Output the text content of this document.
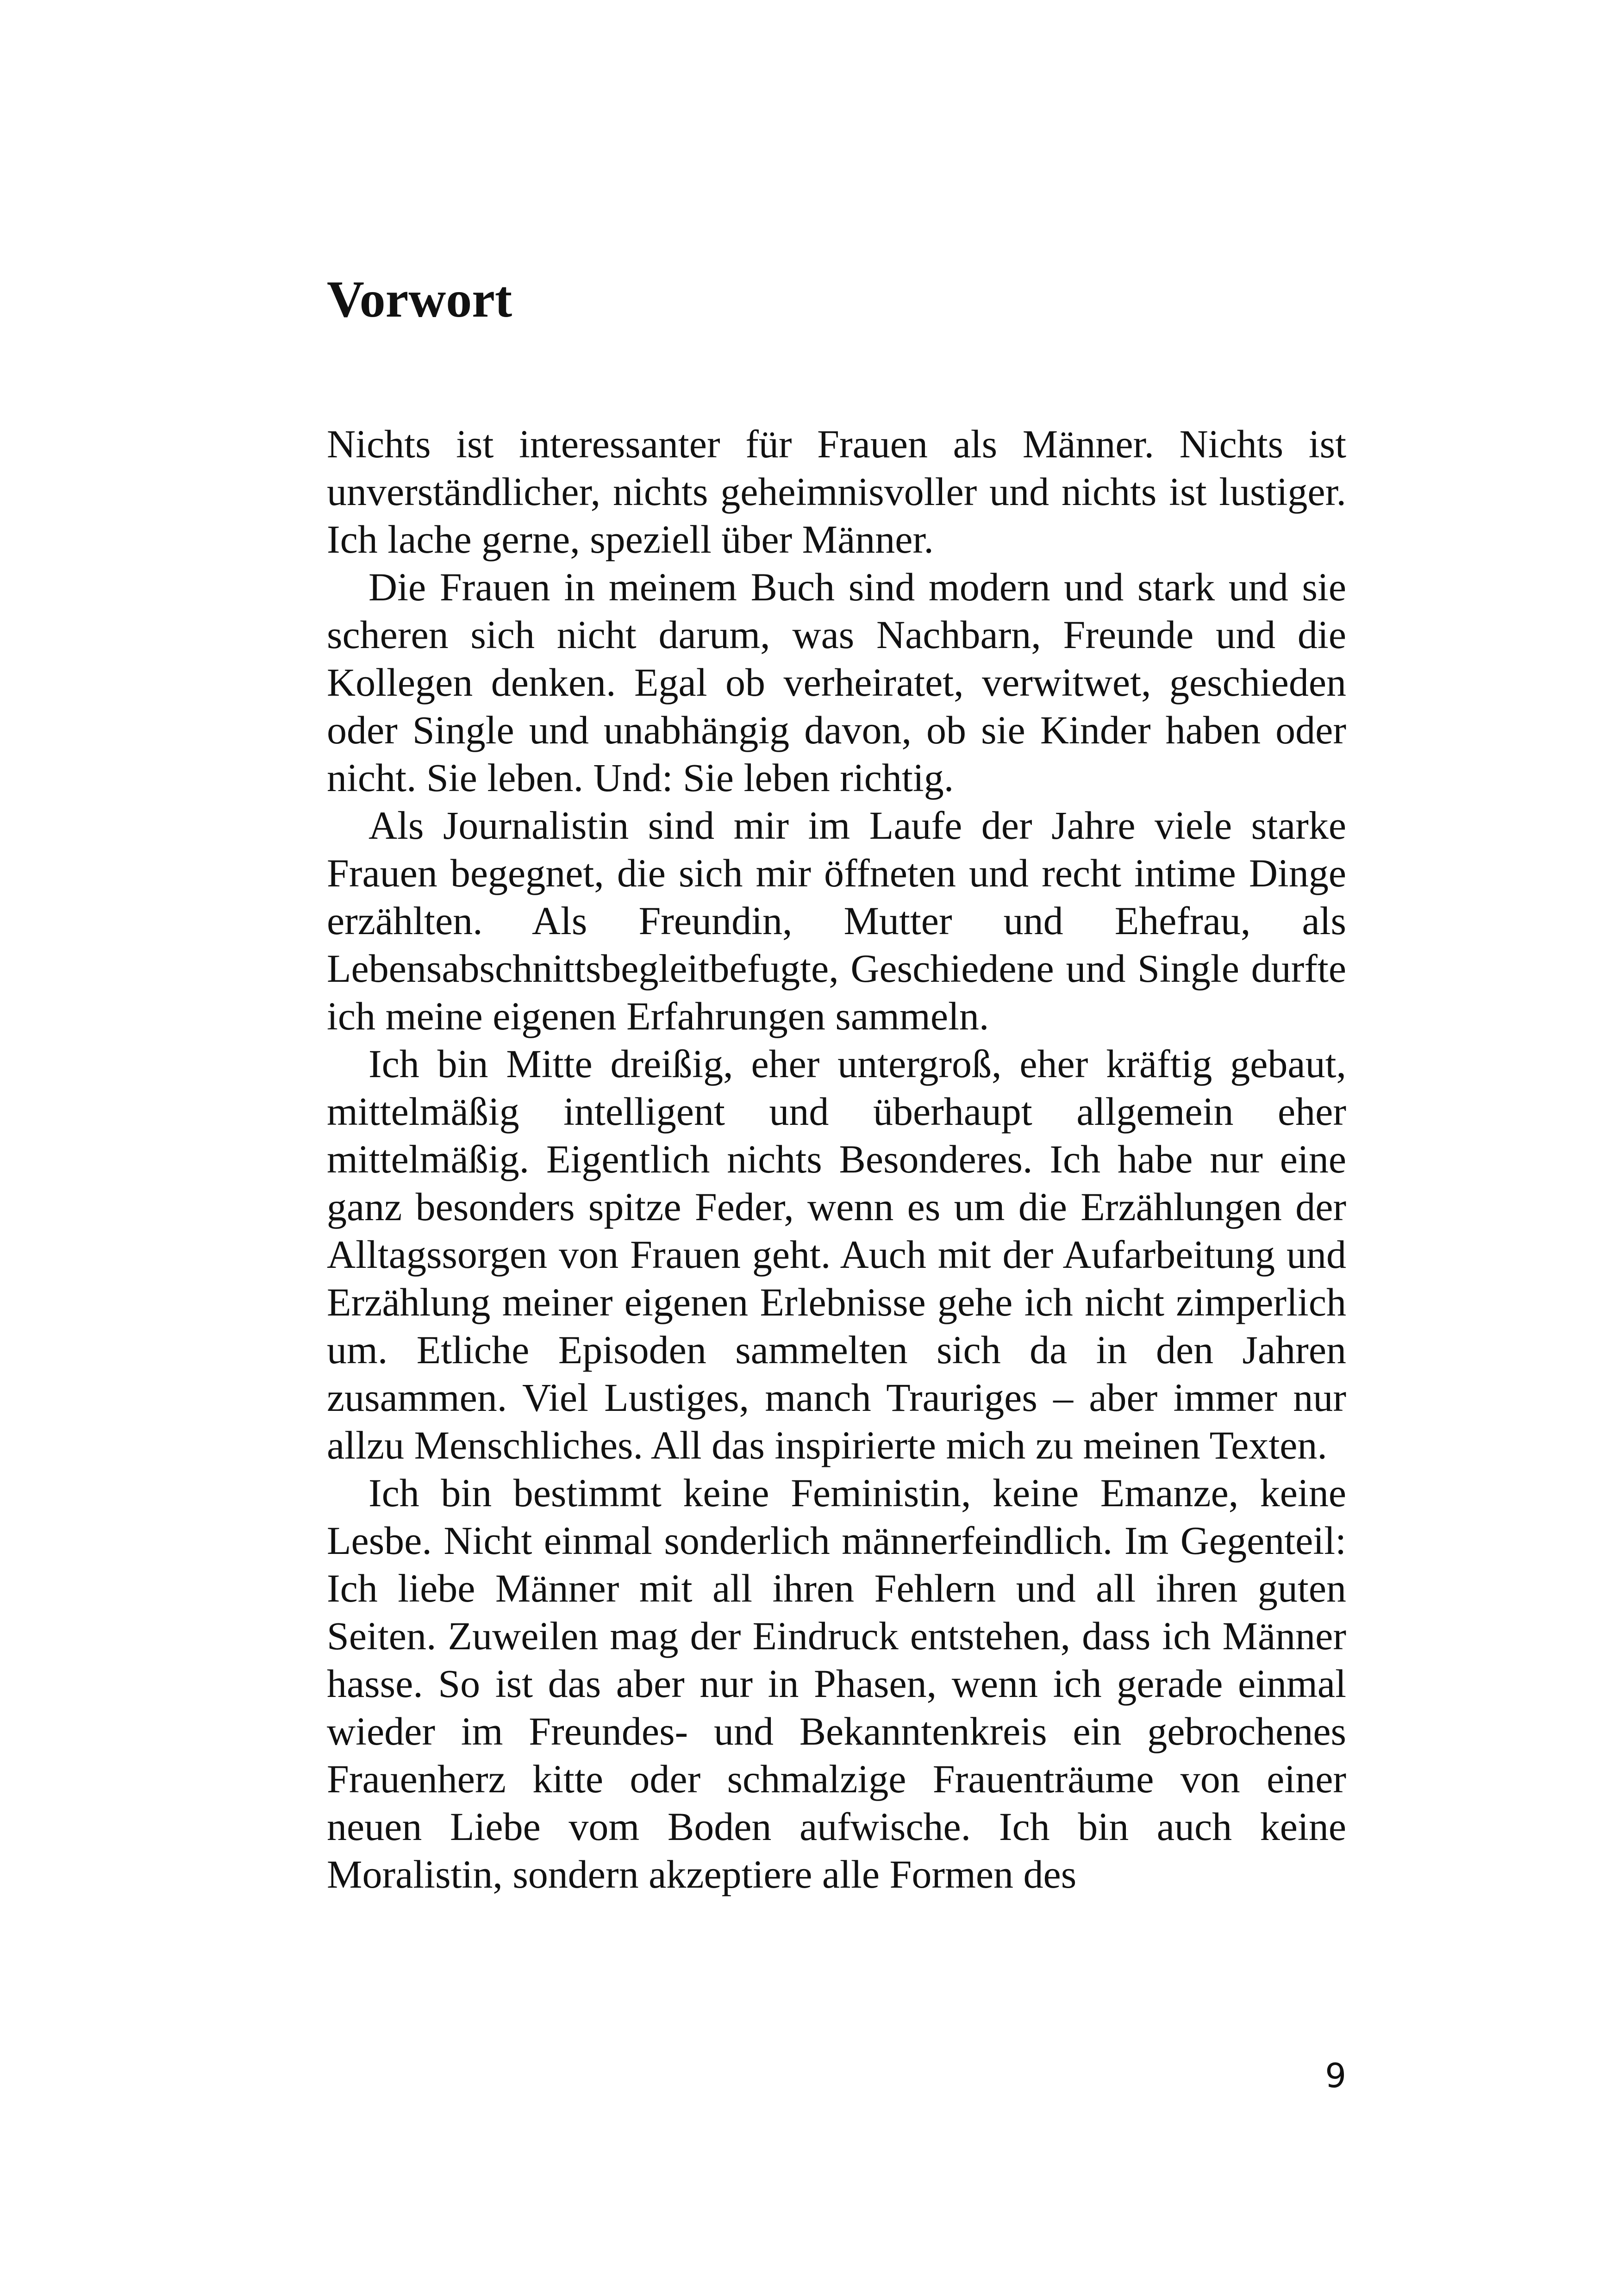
Vorwort

Nichts ist interessanter für Frauen als Männer. Nichts ist unverständlicher, nichts geheimnisvoller und nichts ist lustiger. Ich lache gerne, speziell über Männer.

Die Frauen in meinem Buch sind modern und stark und sie scheren sich nicht darum, was Nachbarn, Freunde und die Kollegen denken. Egal ob verheiratet, verwitwet, geschieden oder Single und unabhängig davon, ob sie Kinder haben oder nicht. Sie leben. Und: Sie leben richtig.

Als Journalistin sind mir im Laufe der Jahre viele starke Frauen begegnet, die sich mir öffneten und recht intime Dinge erzählten. Als Freundin, Mutter und Ehefrau, als Lebensabschnittsbegleitbefugte, Geschiedene und Single durfte ich meine eigenen Erfahrungen sammeln.

Ich bin Mitte dreißig, eher untergroß, eher kräftig gebaut, mittelmäßig intelligent und überhaupt allgemein eher mittelmäßig. Eigentlich nichts Besonderes. Ich habe nur eine ganz besonders spitze Feder, wenn es um die Erzählungen der Alltagssorgen von Frauen geht. Auch mit der Aufarbeitung und Erzählung meiner eigenen Erlebnisse gehe ich nicht zimperlich um. Etliche Episoden sammelten sich da in den Jahren zusammen. Viel Lustiges, manch Trauriges – aber immer nur allzu Menschliches. All das inspirierte mich zu meinen Texten.

Ich bin bestimmt keine Feministin, keine Emanze, keine Lesbe. Nicht einmal sonderlich männerfeindlich. Im Gegenteil: Ich liebe Männer mit all ihren Fehlern und all ihren guten Seiten. Zuweilen mag der Eindruck entstehen, dass ich Männer hasse. So ist das aber nur in Phasen, wenn ich gerade einmal wieder im Freundes- und Bekanntenkreis ein gebrochenes Frauenherz kitte oder schmalzige Frauenträume von einer neuen Liebe vom Boden aufwische. Ich bin auch keine Moralistin, sondern akzeptiere alle Formen des

9
